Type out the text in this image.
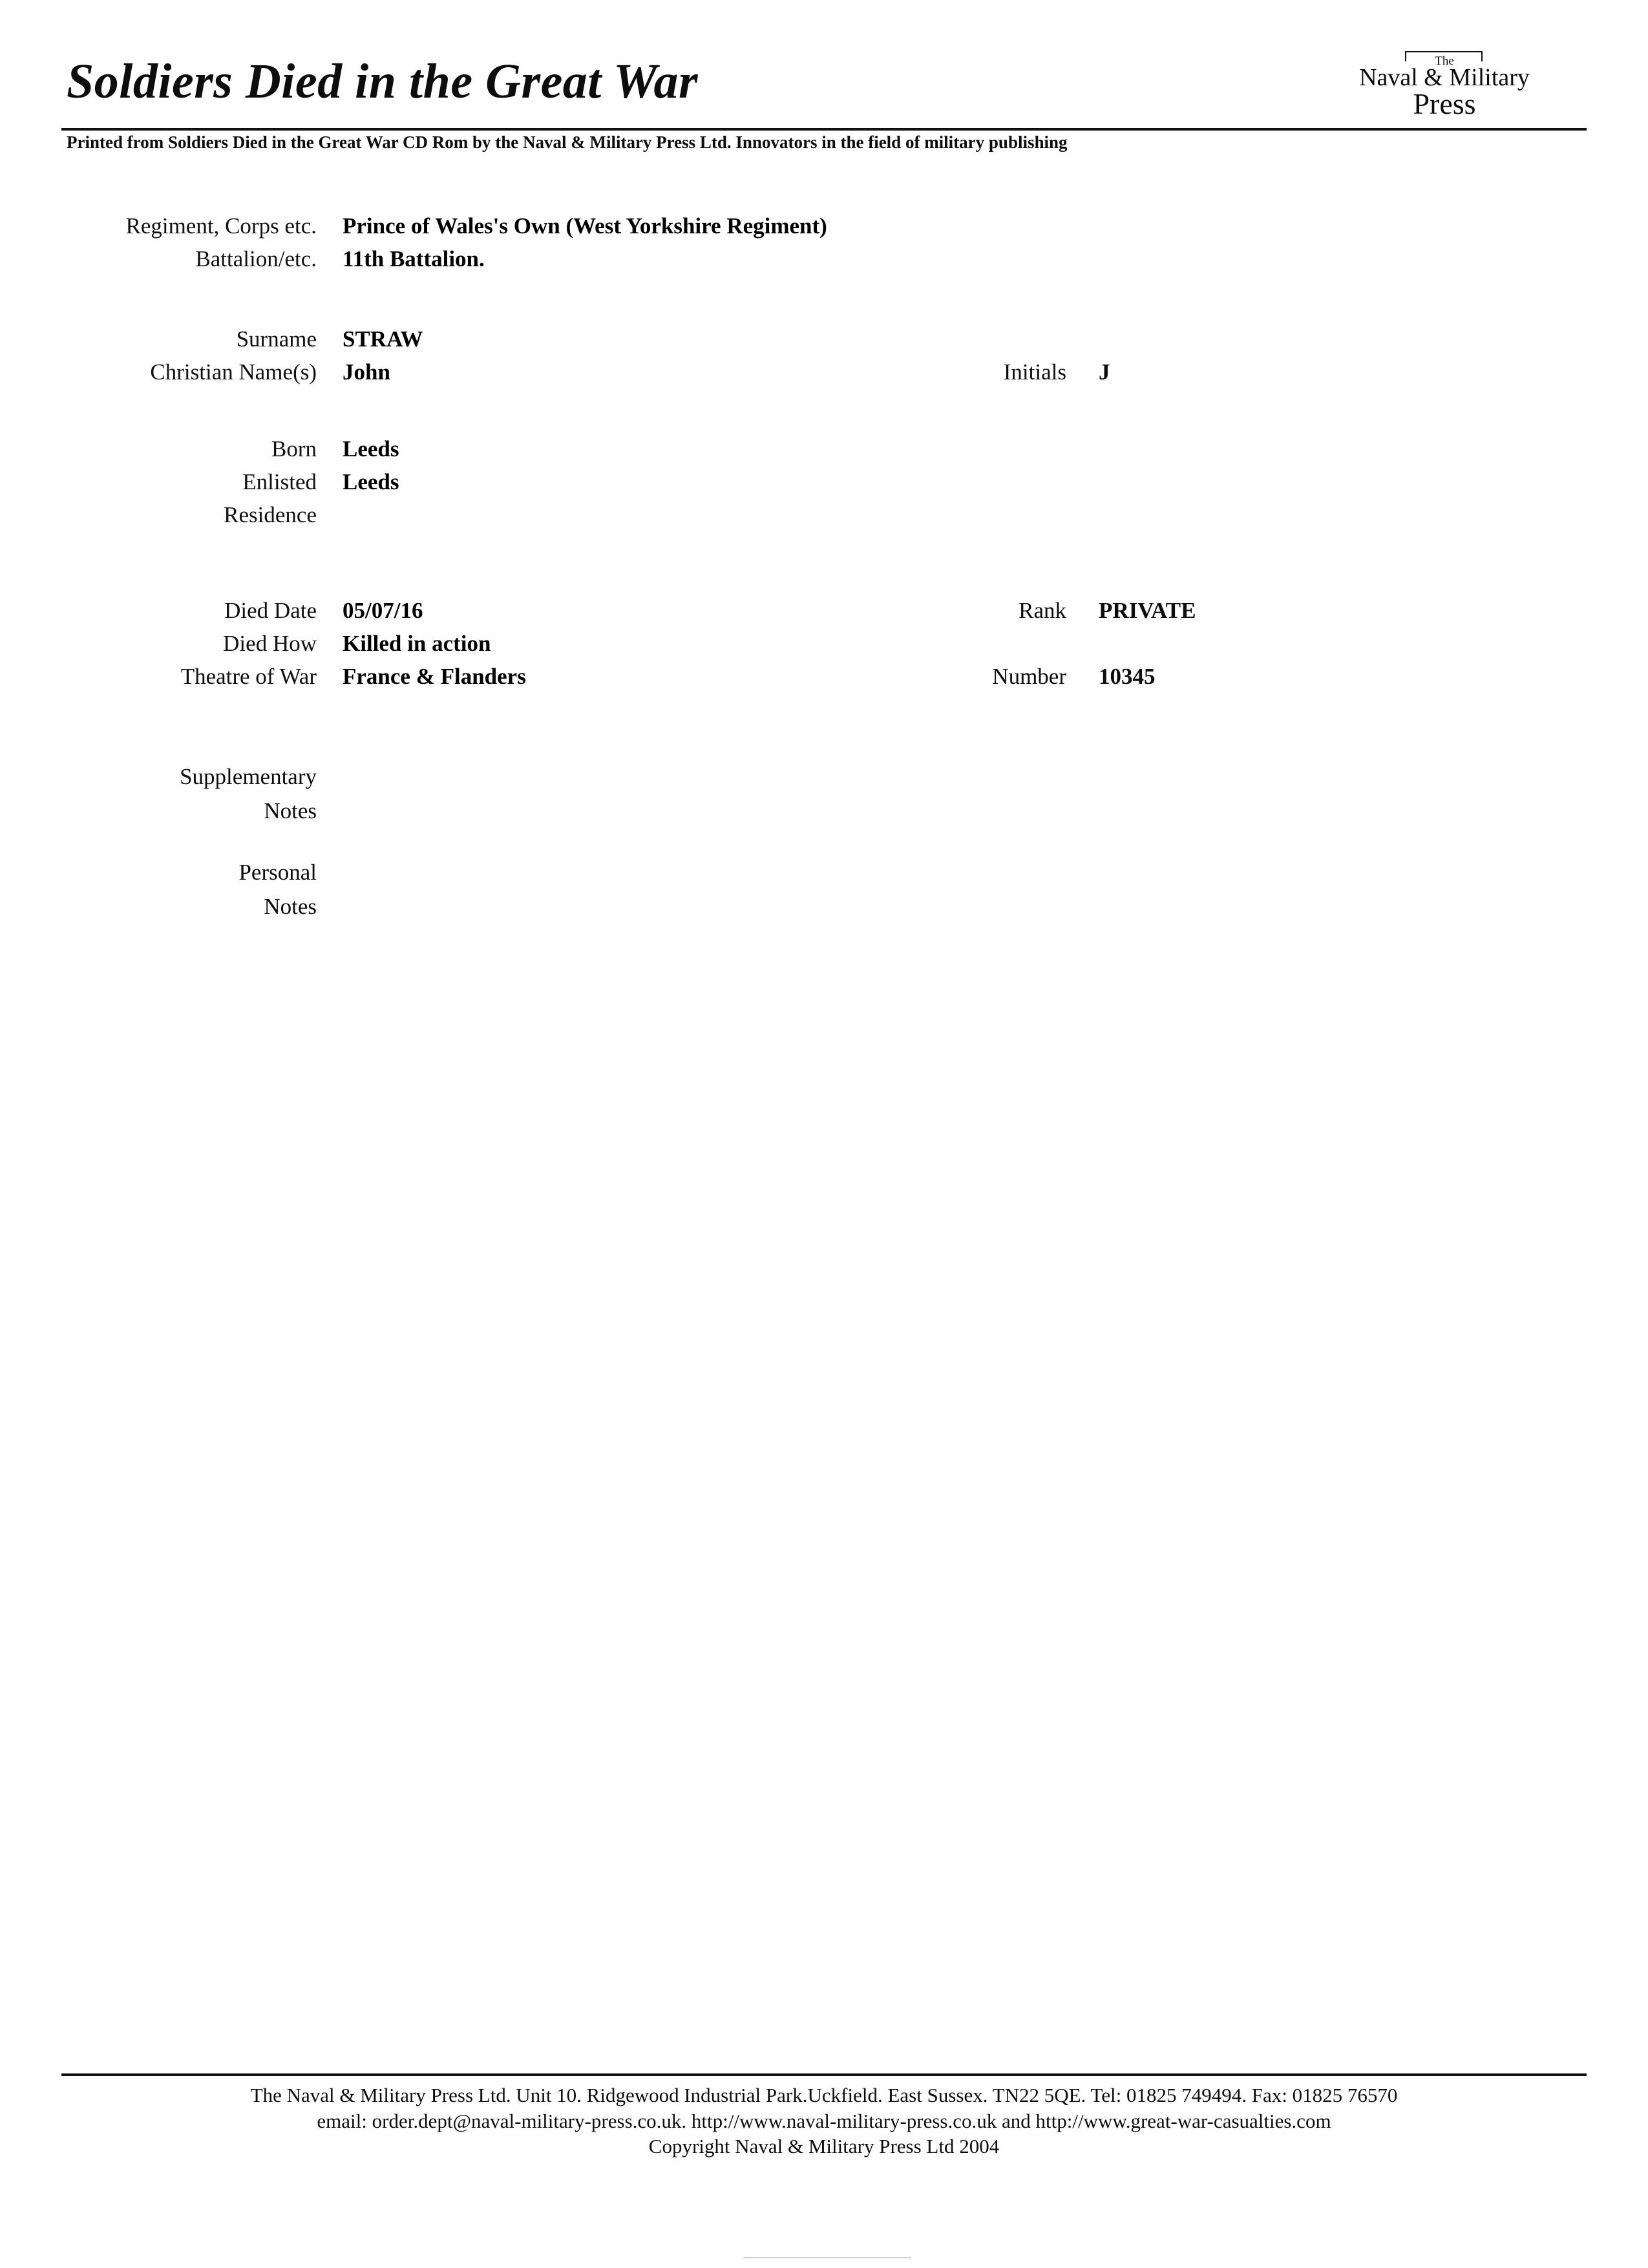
Soldiers Died in the Great War	The
Naval & Military
Press
Printed from Soldiers Died in the Great War CD Rom by the Naval & Military Press Ltd. Innovators in the field of military publishing
Regiment, Corps etc. Prince of Wales's Own (West Yorkshire Regiment)
Battalion/etc. 11th Battalion.
Surname STRAW
Christian Name(s) John	Initials J
Born Leeds
Enlisted Leeds
Residence
Died Date 05/07/16	Rank PRIVATE
Died How Killed in action
Theatre of War France & Flanders	Number 10345
Supplementary
Notes
Personal
Notes
The Naval & Military Press Ltd. Unit 10. Ridgewood Industrial Park.Uckfield. East Sussex. TN22 5QE. Tel: 01825 749494. Fax: 01825 76570
email: order.dept@naval-military-press.co.uk. http://www.naval-military-press.co.uk and http://www.great-war-casualties.com
Copyright Naval & Military Press Ltd 2004
